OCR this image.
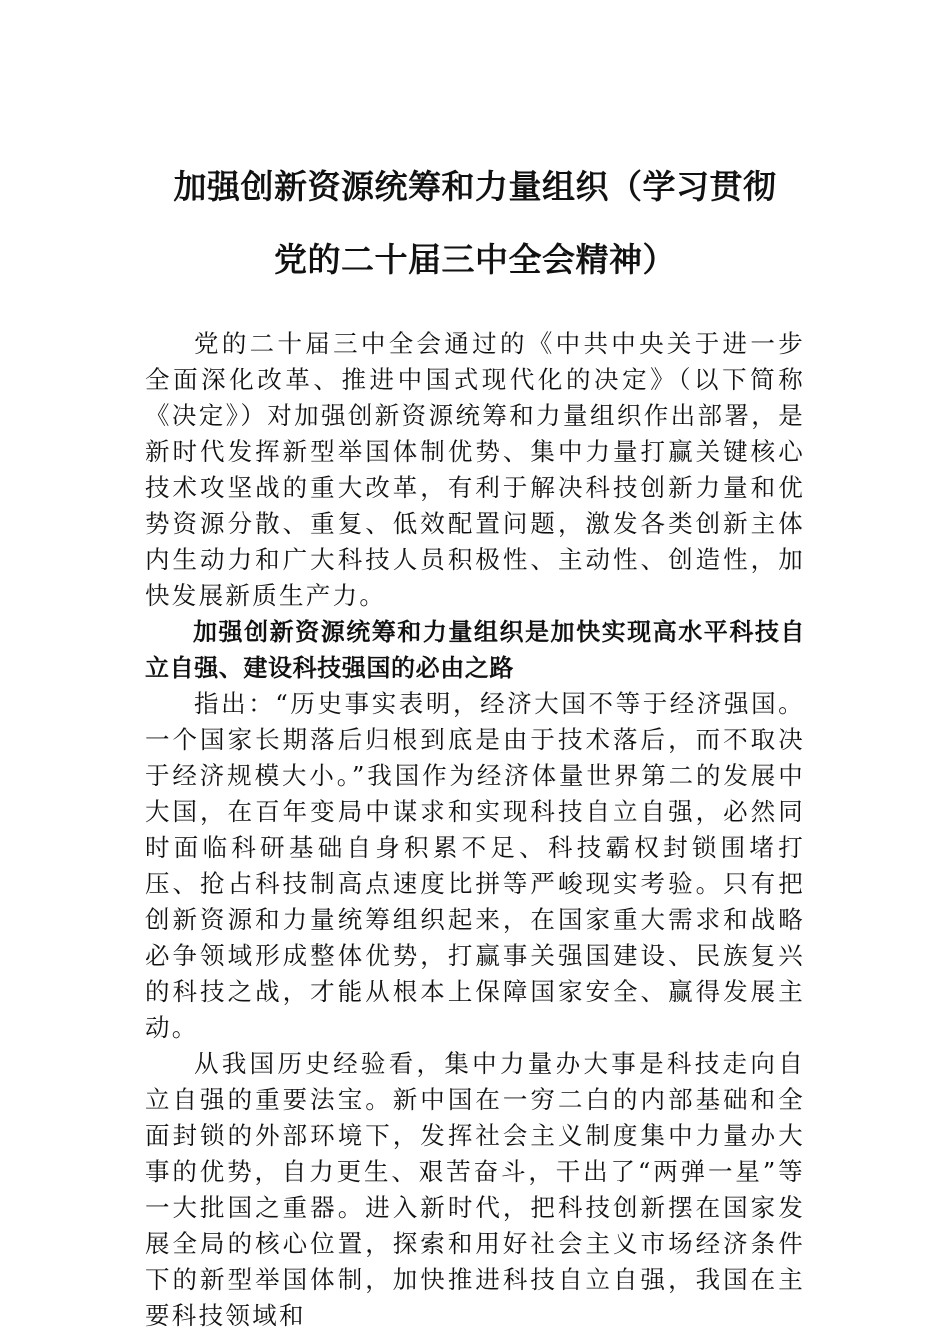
加强创新资源统筹和力量组织（学习贯彻
党的二十届三中全会精神）

党的二十届三中全会通过的《中共中央关于进一步全面深化改革、推进中国式现代化的决定》（以下简称《决定》）对加强创新资源统筹和力量组织作出部署，是新时代发挥新型举国体制优势、集中力量打赢关键核心技术攻坚战的重大改革，有利于解决科技创新力量和优势资源分散、重复、低效配置问题，激发各类创新主体内生动力和广大科技人员积极性、主动性、创造性，加快发展新质生产力。

加强创新资源统筹和力量组织是加快实现高水平科技自立自强、建设科技强国的必由之路

指出：“历史事实表明，经济大国不等于经济强国。一个国家长期落后归根到底是由于技术落后，而不取决于经济规模大小。”我国作为经济体量世界第二的发展中大国，在百年变局中谋求和实现科技自立自强，必然同时面临科研基础自身积累不足、科技霸权封锁围堵打压、抢占科技制高点速度比拼等严峻现实考验。只有把创新资源和力量统筹组织起来，在国家重大需求和战略必争领域形成整体优势，打赢事关强国建设、民族复兴的科技之战，才能从根本上保障国家安全、赢得发展主动。

从我国历史经验看，集中力量办大事是科技走向自立自强的重要法宝。新中国在一穷二白的内部基础和全面封锁的外部环境下，发挥社会主义制度集中力量办大事的优势，自力更生、艰苦奋斗，干出了“两弹一星”等一大批国之重器。进入新时代，把科技创新摆在国家发展全局的核心位置，探索和用好社会主义市场经济条件下的新型举国体制，加快推进科技自立自强，我国在主要科技领域和
